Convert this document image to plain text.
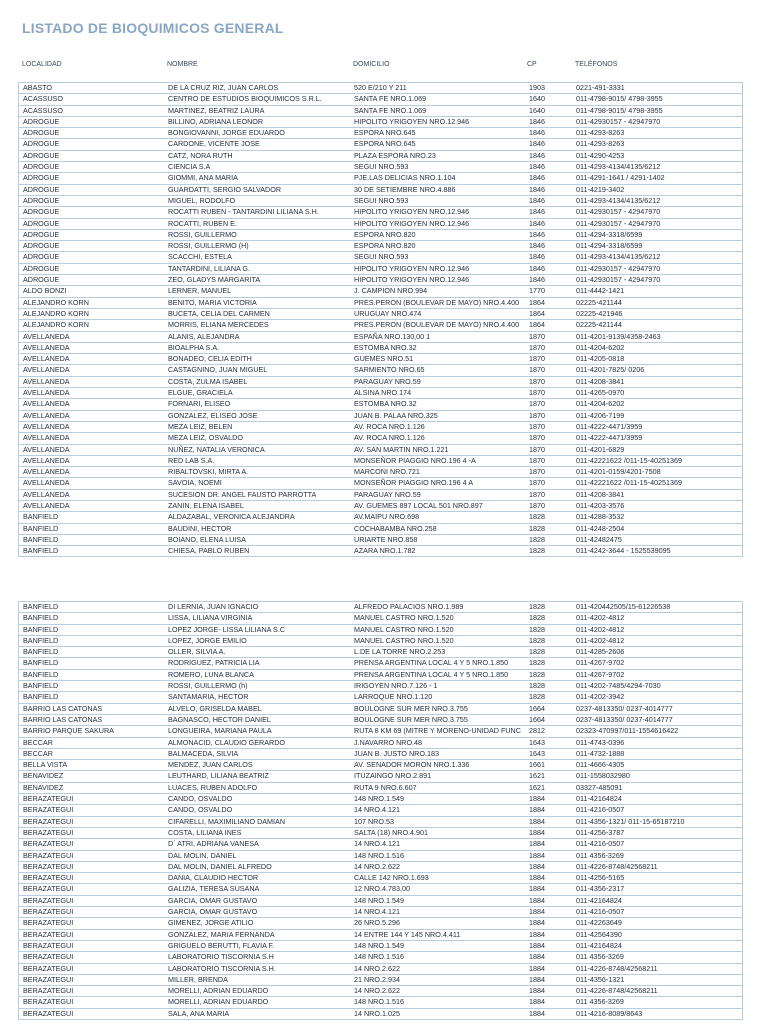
LISTADO DE BIOQUIMICOS GENERAL
LOCALIDAD	NOMBRE	DOMICILIO	CP	TELÉFONOS
ABASTO	DE LA CRUZ RIZ, JUAN CARLOS	520 E/210 Y 211	1903	0221-491-3331
ACASSUSO	CENTRO DE ESTUDIOS BIOQUIMICOS S.R.L.	SANTA FE NRO.1.069	1640	011-4798-9015/ 4798-3955
ACASSUSO	MARTINEZ, BEATRIZ LAURA	SANTA FE NRO.1.069	1640	011-4798-9015/ 4798-3955
ADROGUE	BILLINO, ADRIANA LEONOR	HIPOLITO YRIGOYEN NRO.12.946	1846	011-42930157 - 42947970
ADROGUE	BONGIOVANNI, JORGE EDUARDO	ESPORA NRO.645	1846	011-4293-8263
ADROGUE	CARDONE, VICENTE JOSE	ESPORA NRO.645	1846	011-4293-8263
ADROGUE	CATZ, NORA RUTH	PLAZA ESPORA NRO.23	1846	011-4290-4253
ADROGUE	CIENCIA S.A	SEGUI NRO.593	1846	011-4293-4134/4135/6212
ADROGUE	GIOMMI, ANA MARIA	PJE.LAS DELICIAS NRO.1.104	1846	011-4291-1641 / 4291-1402
ADROGUE	GUARDATTI, SERGIO SALVADOR	30 DE SETIEMBRE NRO.4.886	1846	011-4219-3402
ADROGUE	MIGUEL, RODOLFO	SEGUI NRO.593	1846	011-4293-4134/4135/6212
ADROGUE	ROCATTI RUBEN - TANTARDINI LILIANA S.H.	HIPOLITO YRIGOYEN NRO.12.946	1846	011-42930157 - 42947970
ADROGUE	ROCATTI, RUBEN E.	HIPOLITO YRIGOYEN NRO.12.946	1846	011-42930157 - 42947970
ADROGUE	ROSSI, GUILLERMO	ESPORA NRO.820	1846	011-4294-3318/6599
ADROGUE	ROSSI, GUILLERMO (H)	ESPORA NRO.820	1846	011-4294-3318/6599
ADROGUE	SCACCHI, ESTELA	SEGUI NRO.593	1846	011-4293-4134/4135/6212
ADROGUE	TANTARDINI, LILIANA G.	HIPOLITO YRIGOYEN NRO.12.946	1846	011-42930157 - 42947970
ADROGUE	ZEO, GLADYS MARGARITA	HIPOLITO YRIGOYEN NRO.12.946	1846	011-42930157 - 42947970
ALDO BONZI	LERNER, MANUEL	J. CAMPION NRO.994	1770	011-4442-1421
ALEJANDRO KORN	BENITO, MARIA VICTORIA	PRES.PERON (BOULEVAR DE MAYO) NRO.4.400	1864	02225-421144
ALEJANDRO KORN	BUCETA, CELIA DEL CARMEN	URUGUAY NRO.474	1864	02225-421946
ALEJANDRO KORN	MORRIS, ELIANA MERCEDES	PRES.PERON (BOULEVAR DE MAYO) NRO.4.400	1864	02225-421144
AVELLANEDA	ALANIS, ALEJANDRA	ESPAÑA NRO.130,00 1	1870	011-4201-9139/4358-2463
AVELLANEDA	BIOALPHA S.A.	ESTOMBA NRO.32	1870	011-4204-6202
AVELLANEDA	BONADEO, CELIA EDITH	GUEMES NRO.51	1870	011-4205-0818
AVELLANEDA	CASTAGNINO, JUAN MIGUEL	SARMIENTO NRO.65	1870	011-4201-7825/ 0206
AVELLANEDA	COSTA, ZULMA ISABEL	PARAGUAY NRO.59	1870	011-4208-3841
AVELLANEDA	ELGUE, GRACIELA	ALSINA NRO.174	1870	011-4265-0970
AVELLANEDA	FORNARI, ELISEO	ESTOMBA NRO.32	1870	011-4204-6202
AVELLANEDA	GONZALEZ, ELISEO JOSE	JUAN B. PALAA NRO.325	1870	011-4206-7199
AVELLANEDA	MEZA LEIZ, BELEN	AV. ROCA NRO.1.126	1870	011-4222-4471/3959
AVELLANEDA	MEZA LEIZ, OSVALDO	AV. ROCA NRO.1.126	1870	011-4222-4471/3959
AVELLANEDA	NUÑEZ, NATALIA VERONICA	AV. SAN MARTIN NRO.1.221	1870	011-4201-6829
AVELLANEDA	RED LAB S.A.	MONSEÑOR PIAGGIO NRO.196 4 -A	1870	011-42221622 /011-15-40251369
AVELLANEDA	RIBALTOVSKI, MIRTA A.	MARCONI NRO.721	1870	011-4201-0159/4201-7508
AVELLANEDA	SAVOIA, NOEMI	MONSEÑOR PIAGGIO NRO.196 4 A	1870	011-42221622 /011-15-40251369
AVELLANEDA	SUCESION DR. ANGEL FAUSTO PARROTTA	PARAGUAY NRO.59	1870	011-4208-3841
AVELLANEDA	ZANIN, ELENA ISABEL	AV. GUEMES 897 LOCAL 501 NRO.897	1870	011-4203-3576
BANFIELD	ALDAZABAL, VERONICA ALEJANDRA	AV.MAIPU NRO.698	1828	011-4288-3532
BANFIELD	BAUDINI, HECTOR	COCHABAMBA NRO.258	1828	011-4248-2504
BANFIELD	BOIANO, ELENA LUISA	URIARTE NRO.858	1828	011-42482475
BANFIELD	CHIESA, PABLO RUBEN	AZARA NRO.1.782	1828	011-4242-3644 - 1525539095
BANFIELD	DI LERNIA, JUAN IGNACIO	ALFREDO PALACIOS NRO.1.989	1828	011-420442505/15-61226538
BANFIELD	LISSA, LILIANA VIRGINIA	MANUEL CASTRO NRO.1.520	1828	011-4202-4812
BANFIELD	LOPEZ JORGE- LISSA LILIANA S.C	MANUEL CASTRO NRO.1.520	1828	011-4202-4812
BANFIELD	LOPEZ, JORGE EMILIO	MANUEL CASTRO NRO.1.520	1828	011-4202-4812
BANFIELD	OLLER, SILVIA A.	L.DE LA TORRE NRO.2.253	1828	011-4285-2606
BANFIELD	RODRIGUEZ, PATRICIA LIA	PRENSA ARGENTINA LOCAL 4 Y 5 NRO.1.850	1828	011-4267-9702
BANFIELD	ROMERO, LUNA BLANCA	PRENSA ARGENTINA LOCAL 4 Y 5 NRO.1.850	1828	011-4267-9702
BANFIELD	ROSSI, GUILLERMO (h)	IRIGOYEN NRO.7.126 - 1	1828	011-4202-7485/4294-7030
BANFIELD	SANTAMARIA, HECTOR	LARROQUE NRO.1.120	1828	011-4202-3942
BARRIO LAS CATONAS	ALVELO, GRISELDA MABEL	BOULOGNE SUR MER NRO.3.755	1664	0237-4813350/ 0237-4014777
BARRIO LAS CATONAS	BAGNASCO, HECTOR DANIEL	BOULOGNE SUR MER NRO.3.755	1664	0237-4813350/ 0237-4014777
BARRIO PARQUE SAKURA	LONGUEIRA, MARIANA PAULA	RUTA 8 KM 69 (MITRE Y MORENO-UNIDAD FUNC	2812	02323-470997/011-1554616422
BECCAR	ALMONACID, CLAUDIO GERARDO	J.NAVARRO NRO.48	1643	011-4743-0396
BECCAR	BALMACEDA, SILVIA	JUAN B. JUSTO NRO.183	1643	011-4732-1888
BELLA VISTA	MENDEZ, JUAN CARLOS	AV. SENADOR MORON NRO.1.336	1661	011-4666-4305
BENAVIDEZ	LEUTHARD, LILIANA BEATRIZ	ITUZAINGO NRO.2.891	1621	011-1558032980
BENAVIDEZ	LUACES, RUBEN ADOLFO	RUTA 9 NRO.6.607	1621	03327-485091
BERAZATEGUI	CANDO, OSVALDO	148 NRO.1.549	1884	011-42164824
BERAZATEGUI	CANDO, OSVALDO	14 NRO.4.121	1884	011-4216-0507
BERAZATEGUI	CIFARELLI, MAXIMILIANO DAMIAN	107 NRO.53	1884	011-4356-1321/ 011-15-65187210
BERAZATEGUI	COSTA, LILIANA INES	SALTA (18) NRO.4.901	1884	011-4256-3787
BERAZATEGUI	D´ ATRI, ADRIANA VANESA	14 NRO.4.121	1884	011-4216-0507
BERAZATEGUI	DAL MOLIN, DANIEL	148 NRO.1.516	1884	011 4356-3269
BERAZATEGUI	DAL MOLIN, DANIEL ALFREDO	14 NRO.2.622	1884	011-4226-8748/42568211
BERAZATEGUI	DANIA, CLAUDIO HECTOR	CALLE 142 NRO.1.693	1884	011-4256-5165
BERAZATEGUI	GALIZIA, TERESA SUSANA	12 NRO.4.783,00	1884	011-4356-2317
BERAZATEGUI	GARCIA, OMAR GUSTAVO	148 NRO.1.549	1884	011-42164824
BERAZATEGUI	GARCIA, OMAR GUSTAVO	14 NRO.4.121	1884	011-4216-0507
BERAZATEGUI	GIMENEZ, JORGE ATILIO	26 NRO.5.296	1884	011-42263649
BERAZATEGUI	GONZALEZ, MARIA FERNANDA	14 ENTRE 144 Y 145 NRO.4.411	1884	011-42564390
BERAZATEGUI	GRIGUELO BERUTTI, FLAVIA F.	148 NRO.1.549	1884	011-42164824
BERAZATEGUI	LABORATORIO TISCORNIA S.H	148 NRO.1.516	1884	011 4356-3269
BERAZATEGUI	LABORATORIO TISCORNIA S.H.	14 NRO.2.622	1884	011-4226-8748/42568211
BERAZATEGUI	MILLER, BRENDA	21 NRO.2.934	1884	011-4356-1321
BERAZATEGUI	MORELLI, ADRIAN EDUARDO	14 NRO.2.622	1884	011-4226-8748/42568211
BERAZATEGUI	MORELLI, ADRIAN EDUARDO	148 NRO.1.516	1884	011 4356-3269
BERAZATEGUI	SALA, ANA MARIA	14 NRO.1.025	1884	011-4216-8089/8643
